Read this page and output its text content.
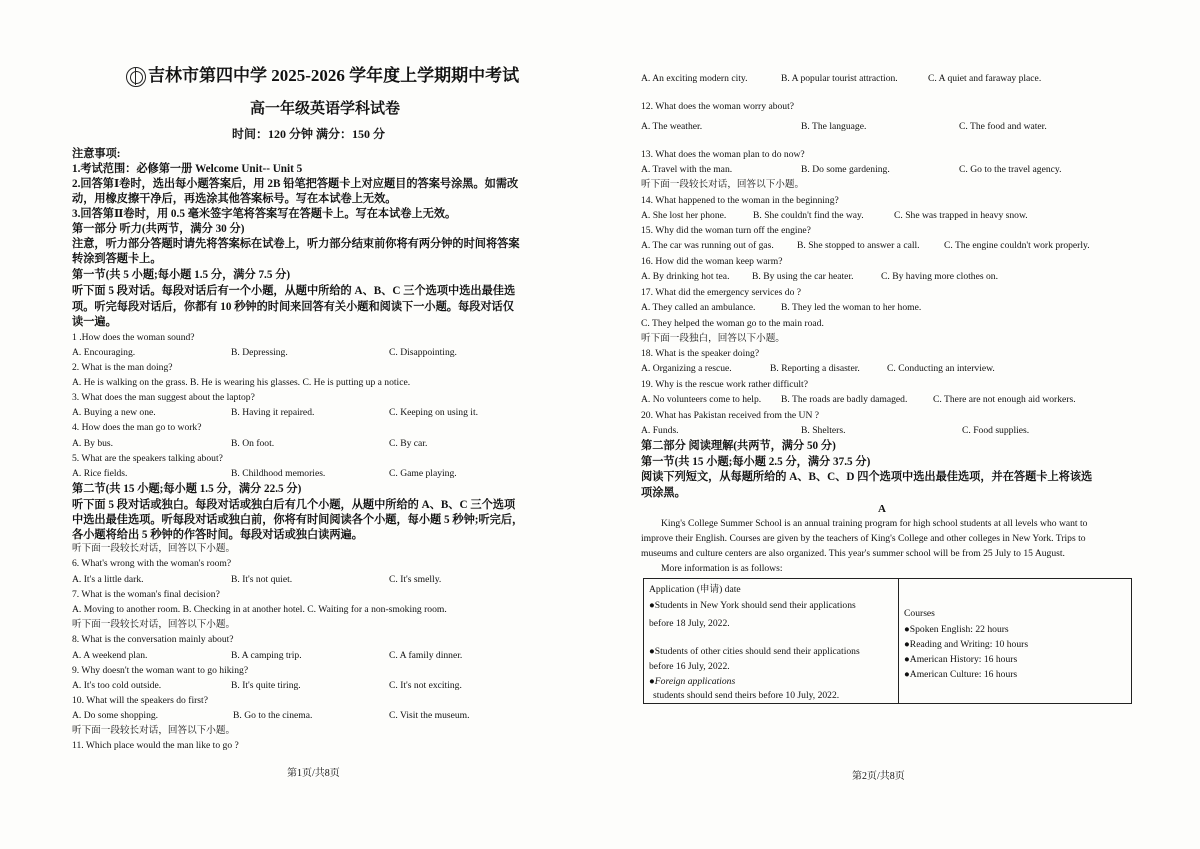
吉林市第四中学 2025-2026 学年度上学期期中考试
高一年级英语学科试卷
时间：120 分钟 满分：150 分
注意事项:
1.考试范围：必修第一册 Welcome Unit-- Unit 5
2.回答第Ⅰ卷时，选出每小题答案后，用 2B 铅笔把答题卡上对应题目的答案号涂黑。如需改
动，用橡皮擦干净后，再选涂其他答案标号。写在本试卷上无效。
3.回答第Ⅱ卷时，用 0.5 毫米签字笔将答案写在答题卡上。写在本试卷上无效。
第一部分 听力(共两节，满分 30 分)
注意，听力部分答题时请先将答案标在试卷上，听力部分结束前你将有两分钟的时间将答案
转涂到答题卡上。
第一节(共 5 小题;每小题 1.5 分，满分 7.5 分)
听下面 5 段对话。每段对话后有一个小题，从题中所给的 A、B、C 三个选项中选出最佳选
项。听完每段对话后，你都有 10 秒钟的时间来回答有关小题和阅读下一小题。每段对话仅
读一遍。
1 .How does the woman sound?
A. Encouraging.	B. Depressing.	C. Disappointing.
2. What is the man doing?
A. He is walking on the grass. B. He is wearing his glasses. C. He is putting up a notice.
3. What does the man suggest about the laptop?
A. Buying a new one.	B. Having it repaired.	C. Keeping on using it.
4. How does the man go to work?
A. By bus.	B. On foot.	C. By car.
5. What are the speakers talking about?
A. Rice fields.	B. Childhood memories.	C. Game playing.
第二节(共 15 小题;每小题 1.5 分，满分 22.5 分)
听下面 5 段对话或独白。每段对话或独白后有几个小题，从题中所给的 A、B、C 三个选项
中选出最佳选项。听每段对话或独白前，你将有时间阅读各个小题，每小题 5 秒钟;听完后，
各小题将给出 5 秒钟的作答时间。每段对话或独白读两遍。
听下面一段较长对话，回答以下小题。
6. What's wrong with the woman's room?
A. It's a little dark.	B. It's not quiet.	C. It's smelly.
7. What is the woman's final decision?
A. Moving to another room. B. Checking in at another hotel. C. Waiting for a non-smoking room.
听下面一段较长对话，回答以下小题。
8. What is the conversation mainly about?
A. A weekend plan.	B. A camping trip.	C. A family dinner.
9. Why doesn't the woman want to go hiking?
A. It's too cold outside.	B. It's quite tiring.	C. It's not exciting.
10. What will the speakers do first?
A. Do some shopping.	B. Go to the cinema.	C. Visit the museum.
听下面一段较长对话，回答以下小题。
11. Which place would the man like to go ?
第1页/共8页
A. An exciting modern city.	B. A popular tourist attraction.	C. A quiet and faraway place.
12. What does the woman worry about?
A. The weather.	B. The language.	C. The food and water.
13. What does the woman plan to do now?
A. Travel with the man.	B. Do some gardening.	C. Go to the travel agency.
听下面一段较长对话，回答以下小题。
14. What happened to the woman in the beginning?
A. She lost her phone.	B. She couldn't find the way.	C. She was trapped in heavy snow.
15. Why did the woman turn off the engine?
A. The car was running out of gas. B. She stopped to answer a call.	C. The engine couldn't work properly.
16. How did the woman keep warm?
A. By drinking hot tea. B. By using the car heater.	C. By having more clothes on.
17. What did the emergency services do ?
A. They called an ambulance.	B. They led the woman to her home.
C. They helped the woman go to the main road.
听下面一段独白，回答以下小题。
18. What is the speaker doing?
A. Organizing a rescue.	B. Reporting a disaster.	C. Conducting an interview.
19. Why is the rescue work rather difficult?
A. No volunteers come to help. B. The roads are badly damaged.	C. There are not enough aid workers.
20. What has Pakistan received from the UN ?
A. Funds.	B. Shelters.	C. Food supplies.
第二部分 阅读理解(共两节，满分 50 分)
第一节(共 15 小题;每小题 2.5 分，满分 37.5 分)
阅读下列短文，从每题所给的 A、B、C、D 四个选项中选出最佳选项，并在答题卡上将该选
项涂黑。
A
King's College Summer School is an annual training program for high school students at all levels who want to
improve their English. Courses are given by the teachers of King's College and other colleges in New York. Trips to
museums and culture centers are also organized. This year's summer school will be from 25 July to 15 August.
More information is as follows:
Application (申请) date
●Students in New York should send their applications
before 18 July, 2022.
●Students of other cities should send their applications
before 16 July, 2022.
●Foreign applications
students should send theirs before 10 July, 2022.

Courses
●Spoken English: 22 hours
●Reading and Writing: 10 hours
●American History: 16 hours
●American Culture: 16 hours
第2页/共8页
